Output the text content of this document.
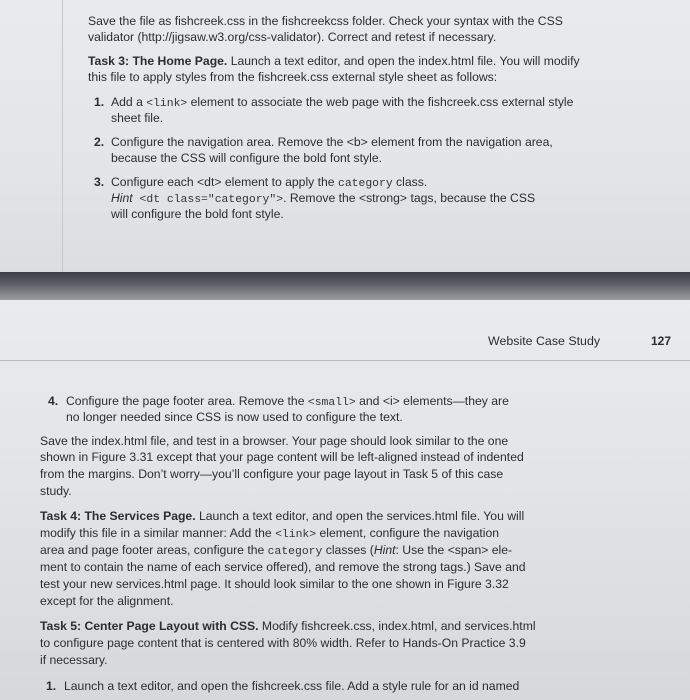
Save the file as fishcreek.css in the fishcreekcss folder. Check your syntax with the CSS
validator (http://jigsaw.w3.org/css-validator). Correct and retest if necessary.
Task 3: The Home Page. Launch a text editor, and open the index.html file. You will modify
this file to apply styles from the fishcreek.css external style sheet as follows:
1. Add a <link> element to associate the web page with the fishcreek.css external style
sheet file.
2. Configure the navigation area. Remove the <b> element from the navigation area,
because the CSS will configure the bold font style.
3. Configure each <dt> element to apply the category class.
Hint <dt class="category">. Remove the <strong> tags, because the CSS
will configure the bold font style.
Website Case Study	127
4. Configure the page footer area. Remove the <small> and <i> elements—they are
no longer needed since CSS is now used to configure the text.
Save the index.html file, and test in a browser. Your page should look similar to the one
shown in Figure 3.31 except that your page content will be left-aligned instead of indented
from the margins. Don’t worry—you’ll configure your page layout in Task 5 of this case
study.
Task 4: The Services Page. Launch a text editor, and open the services.html file. You will
modify this file in a similar manner: Add the <link> element, configure the navigation
area and page footer areas, configure the category classes (Hint: Use the <span> ele-
ment to contain the name of each service offered), and remove the strong tags.) Save and
test your new services.html page. It should look similar to the one shown in Figure 3.32
except for the alignment.
Task 5: Center Page Layout with CSS. Modify fishcreek.css, index.html, and services.html
to configure page content that is centered with 80% width. Refer to Hands-On Practice 3.9
if necessary.
1. Launch a text editor, and open the fishcreek.css file. Add a style rule for an id named
